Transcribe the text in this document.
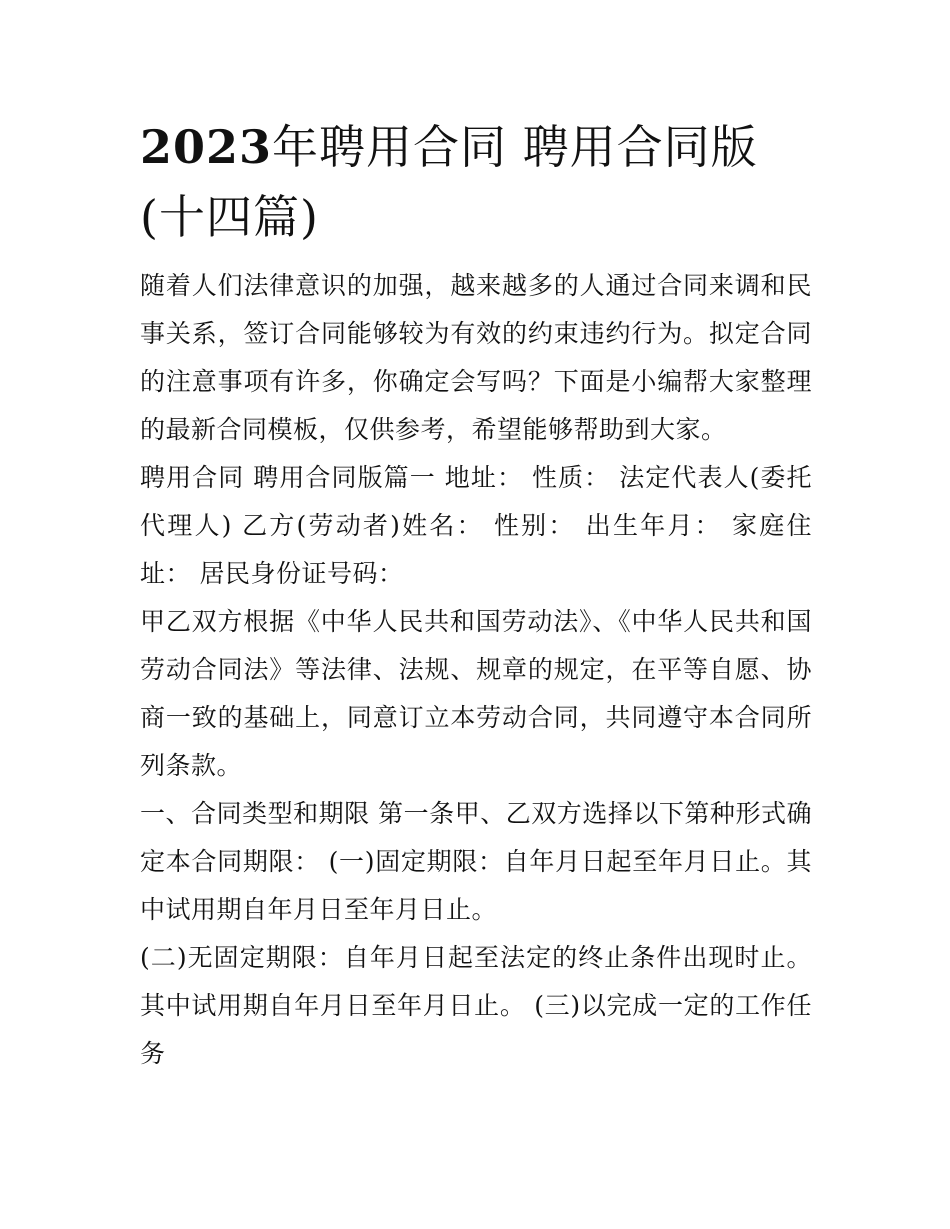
2023年聘用合同 聘用合同版(十四篇)

随着人们法律意识的加强，越来越多的人通过合同来调和民事关系，签订合同能够较为有效的约束违约行为。拟定合同的注意事项有许多，你确定会写吗？下面是小编帮大家整理的最新合同模板，仅供参考，希望能够帮助到大家。

聘用合同 聘用合同版篇一 地址： 性质： 法定代表人(委托代理人) 乙方(劳动者)姓名： 性别： 出生年月： 家庭住址： 居民身份证号码：

甲乙双方根据《中华人民共和国劳动法》、《中华人民共和国劳动合同法》等法律、法规、规章的规定，在平等自愿、协商一致的基础上，同意订立本劳动合同，共同遵守本合同所列条款。

一、合同类型和期限 第一条甲、乙双方选择以下第种形式确定本合同期限： (一)固定期限：自年月日起至年月日止。其中试用期自年月日至年月日止。

(二)无固定期限：自年月日起至法定的终止条件出现时止。其中试用期自年月日至年月日止。 (三)以完成一定的工作任务
